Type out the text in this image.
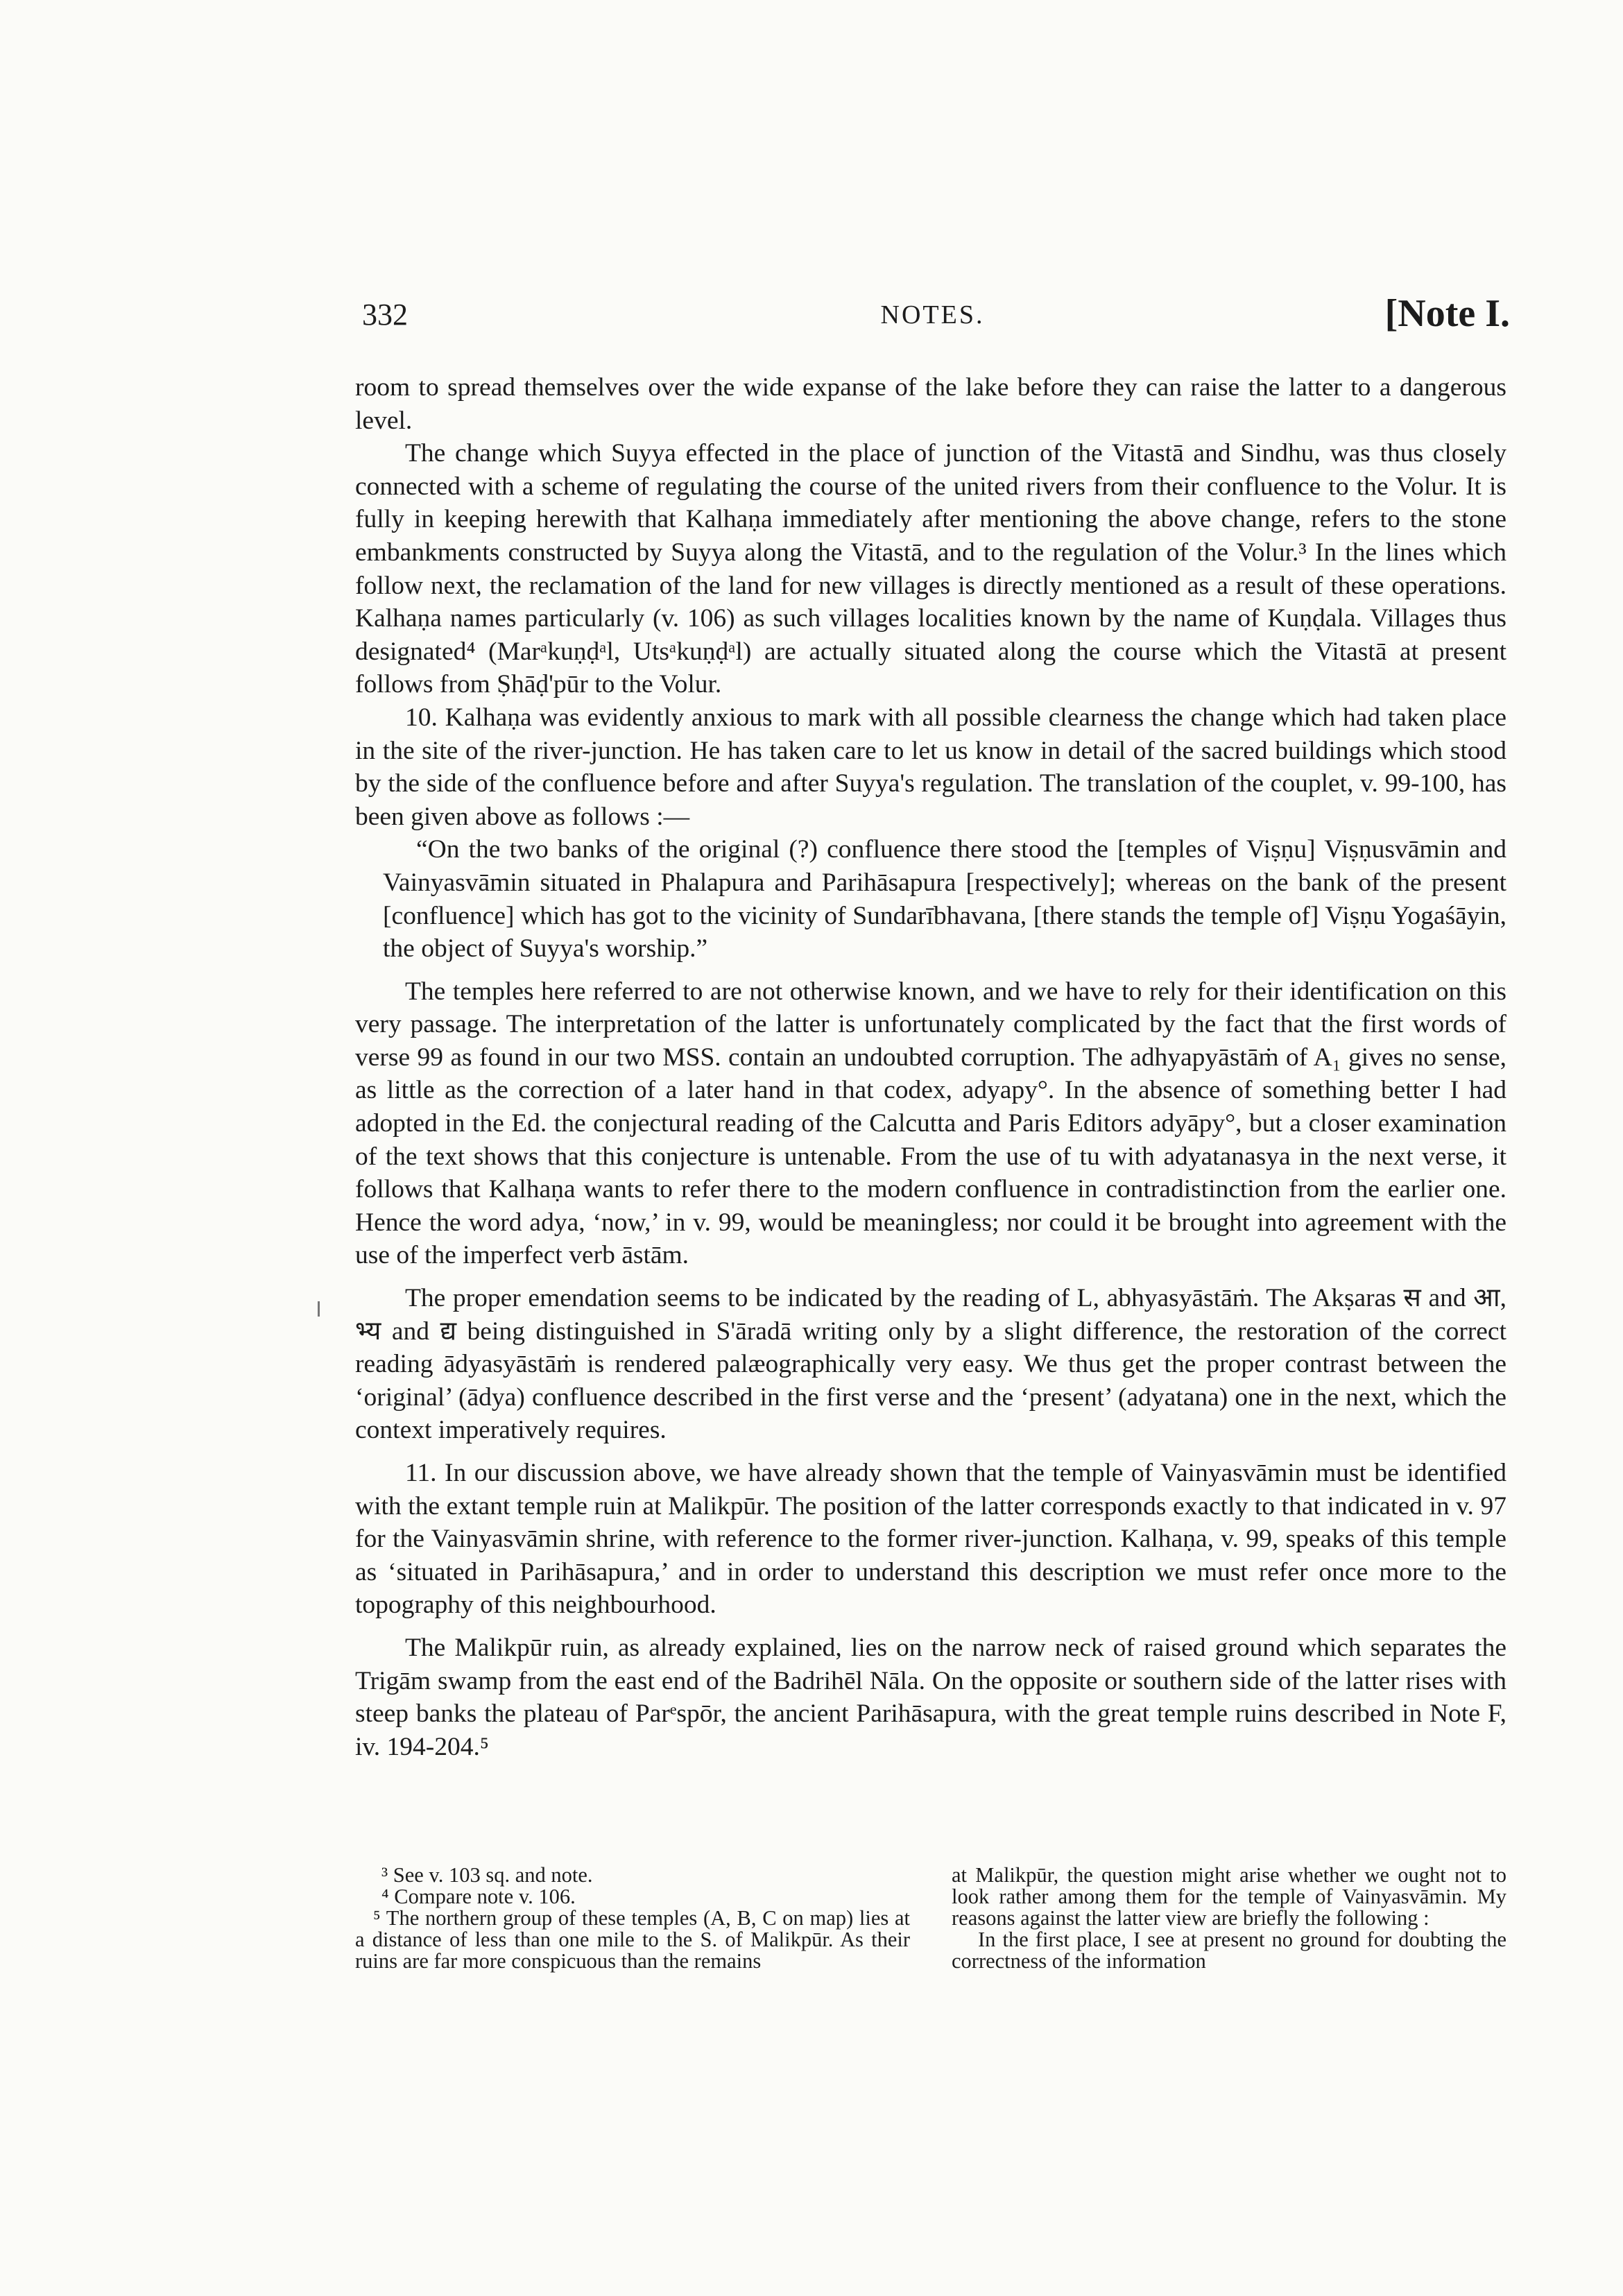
332	NOTES.	[Note I.

room to spread themselves over the wide expanse of the lake before they can raise the latter to a dangerous level.

The change which Suyya effected in the place of junction of the Vitastā and Sindhu, was thus closely connected with a scheme of regulating the course of the united rivers from their confluence to the Volur. It is fully in keeping herewith that Kalhaṇa immediately after mentioning the above change, refers to the stone embankments constructed by Suyya along the Vitastā, and to the regulation of the Volur.³ In the lines which follow next, the reclamation of the land for new villages is directly mentioned as a result of these operations. Kalhaṇa names particularly (v. 106) as such villages localities known by the name of Kuṇḍala. Villages thus designated⁴ (Marᵃkuṇḍᵃl, Utsᵃkuṇḍᵃl) are actually situated along the course which the Vitastā at present follows from Ṣhāḍ'pūr to the Volur.

10. Kalhaṇa was evidently anxious to mark with all possible clearness the change which had taken place in the site of the river-junction. He has taken care to let us know in detail of the sacred buildings which stood by the side of the confluence before and after Suyya's regulation. The translation of the couplet, v. 99-100, has been given above as follows :—

“On the two banks of the original (?) confluence there stood the [temples of Viṣṇu] Viṣṇusvāmin and Vainyasvāmin situated in Phalapura and Parihāsapura [respectively]; whereas on the bank of the present [confluence] which has got to the vicinity of Sundarībhavana, [there stands the temple of] Viṣṇu Yogaśāyin, the object of Suyya's worship.”

The temples here referred to are not otherwise known, and we have to rely for their identification on this very passage. The interpretation of the latter is unfortunately complicated by the fact that the first words of verse 99 as found in our two MSS. contain an undoubted corruption. The adhyapyāstāṁ of A₁ gives no sense, as little as the correction of a later hand in that codex, adyapy°. In the absence of something better I had adopted in the Ed. the conjectural reading of the Calcutta and Paris Editors adyāpy°, but a closer examination of the text shows that this conjecture is untenable. From the use of tu with adyatanasya in the next verse, it follows that Kalhaṇa wants to refer there to the modern confluence in contradistinction from the earlier one. Hence the word adya, ‘now,’ in v. 99, would be meaningless; nor could it be brought into agreement with the use of the imperfect verb āstām.

The proper emendation seems to be indicated by the reading of L, abhyasyāstāṁ. The Akṣaras स and आ, भ्य and द्य being distinguished in S'āradā writing only by a slight difference, the restoration of the correct reading ādyasyāstāṁ is rendered palæographically very easy. We thus get the proper contrast between the ‘original’ (ādya) confluence described in the first verse and the ‘present’ (adyatana) one in the next, which the context imperatively requires.

11. In our discussion above, we have already shown that the temple of Vainyasvāmin must be identified with the extant temple ruin at Malikpūr. The position of the latter corresponds exactly to that indicated in v. 97 for the Vainyasvāmin shrine, with reference to the former river-junction. Kalhaṇa, v. 99, speaks of this temple as ‘situated in Parihāsapura,’ and in order to understand this description we must refer once more to the topography of this neighbourhood.

The Malikpūr ruin, as already explained, lies on the narrow neck of raised ground which separates the Trigām swamp from the east end of the Badrihēl Nāla. On the opposite or southern side of the latter rises with steep banks the plateau of Parᵉspōr, the ancient Parihāsapura, with the great temple ruins described in Note F, iv. 194-204.⁵

³ See v. 103 sq. and note.

⁴ Compare note v. 106.

⁵ The northern group of these temples (A, B, C on map) lies at a distance of less than one mile to the S. of Malikpūr. As their ruins are far more conspicuous than the remains

at Malikpūr, the question might arise whether we ought not to look rather among them for the temple of Vainyasvāmin. My reasons against the latter view are briefly the following :

In the first place, I see at present no ground for doubting the correctness of the information
